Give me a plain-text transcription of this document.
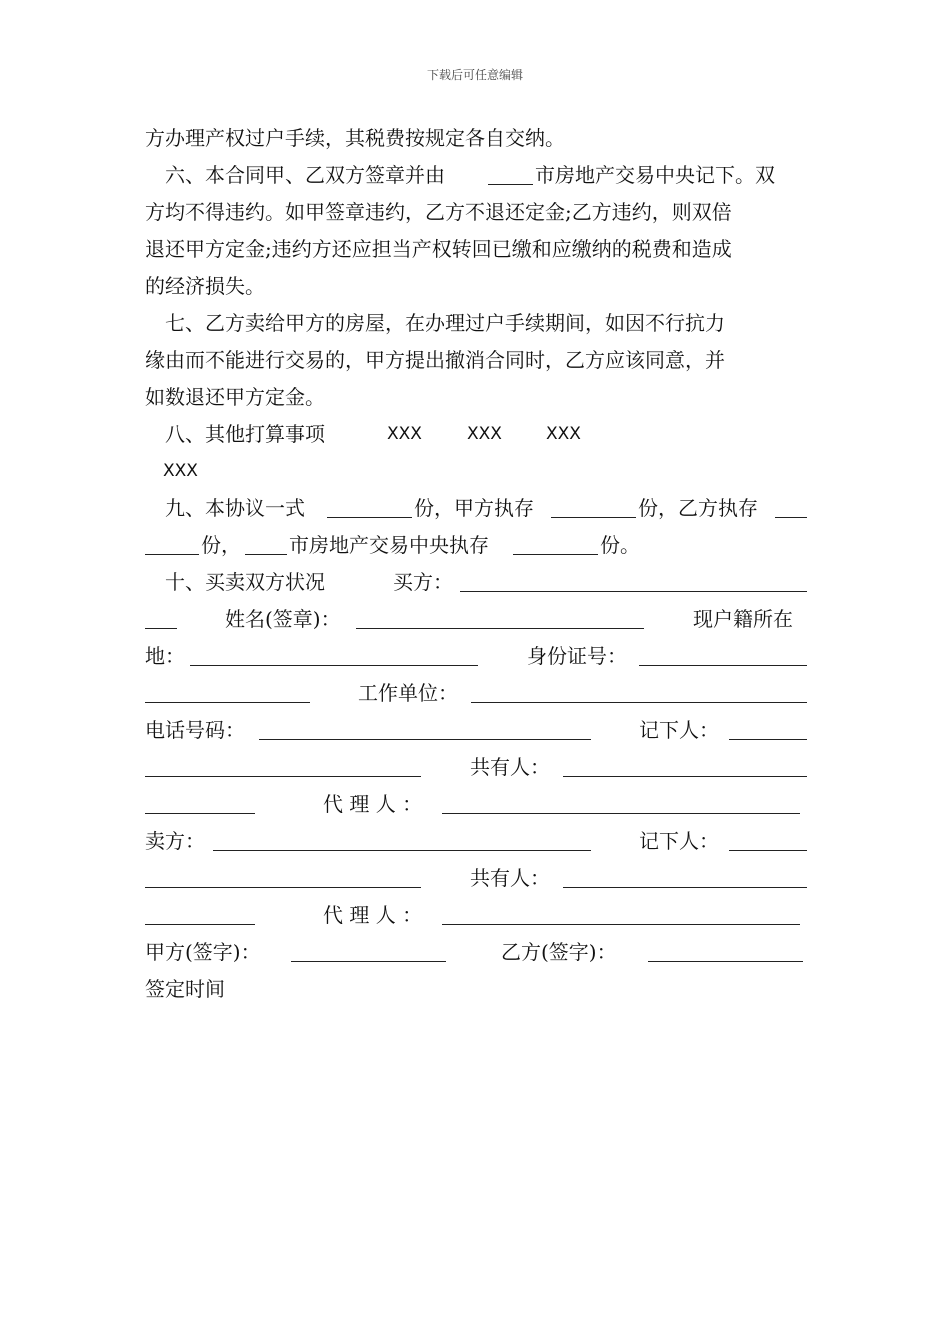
下载后可任意编辑
方办理产权过户手续，其税费按规定各自交纳。
六、本合同甲、乙双方签章并由	市房地产交易中央记下。双
方均不得违约。如甲签章违约，乙方不退还定金;乙方违约，则双倍
退还甲方定金;违约方还应担当产权转回已缴和应缴纳的税费和造成
的经济损失。
七、乙方卖给甲方的房屋，在办理过户手续期间，如因不行抗力
缘由而不能进行交易的，甲方提出撤消合同时，乙方应该同意，并
如数退还甲方定金。
八、其他打算事项	XXX	XXX	XXX
XXX
九、本协议一式	份，甲方执存	份，乙方执存
份， 市房地产交易中央执存	份。
十、买卖双方状况	买方：
姓名(签章)：	现户籍所在
地：	身份证号：
工作单位：
电话号码：	记下人：
共有人：
代 理 人 ：
卖方：	记下人：
共有人：
代 理 人 ：
甲方(签字)：	乙方(签字)：
签定时间
